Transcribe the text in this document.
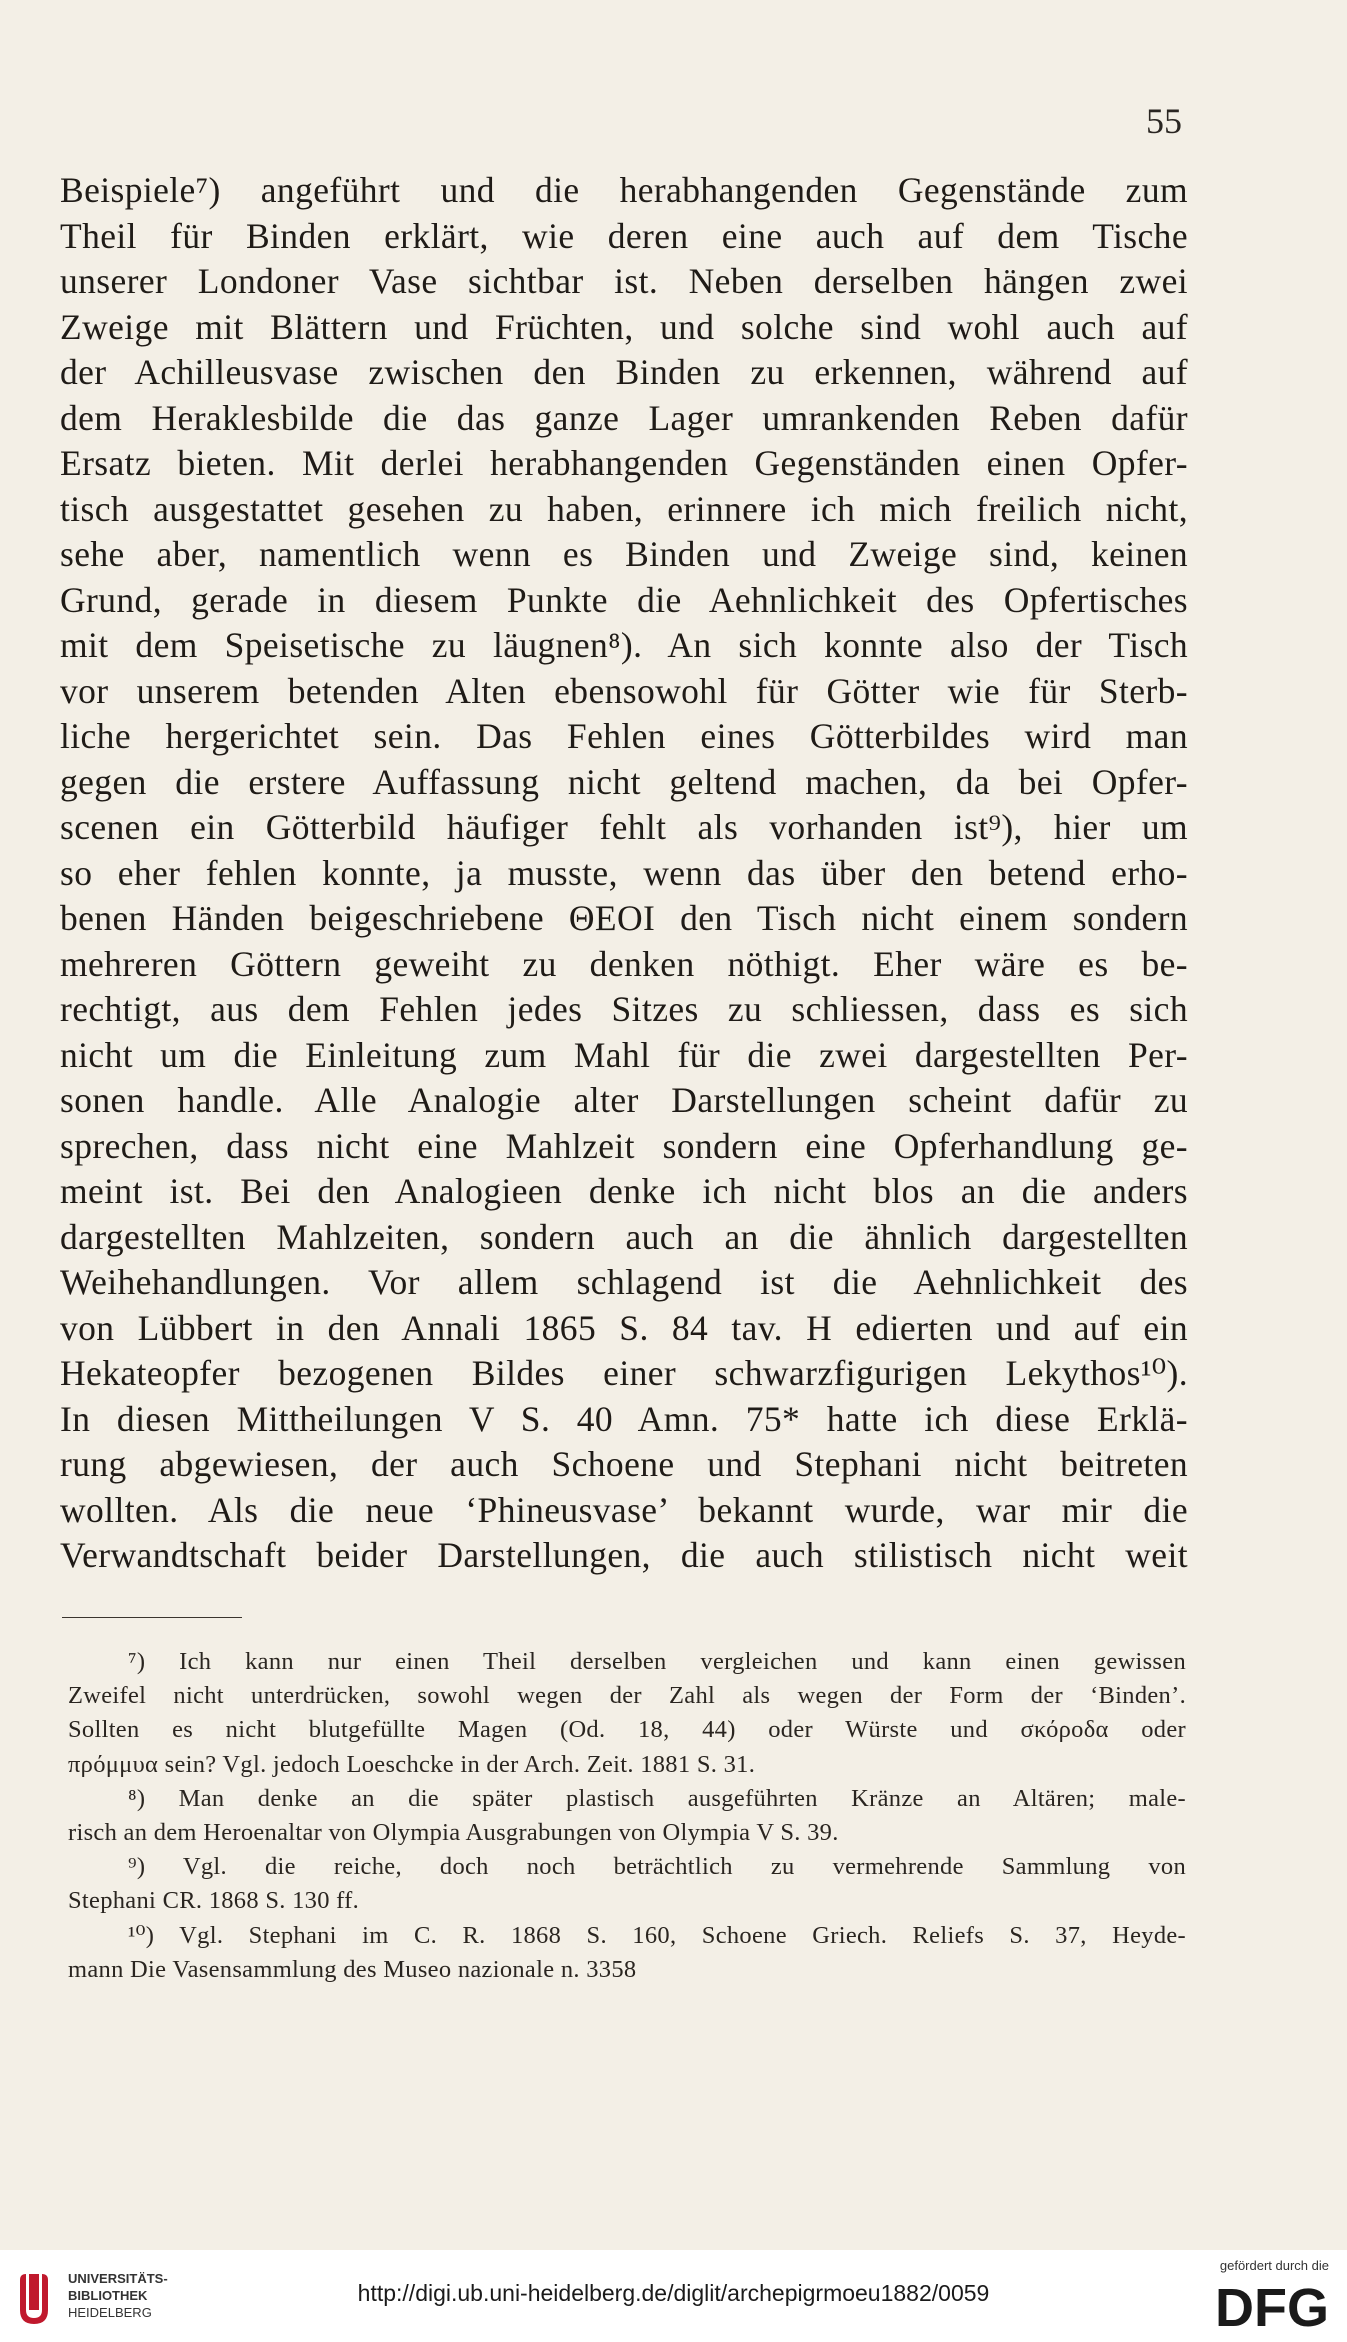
55
Beispiele⁷) angeführt und die herabhangenden Gegenstände zum
Theil für Binden erklärt, wie deren eine auch auf dem Tische
unserer Londoner Vase sichtbar ist. Neben derselben hängen zwei
Zweige mit Blättern und Früchten, und solche sind wohl auch auf
der Achilleusvase zwischen den Binden zu erkennen, während auf
dem Heraklesbilde die das ganze Lager umrankenden Reben dafür
Ersatz bieten. Mit derlei herabhangenden Gegenständen einen Opfer-
tisch ausgestattet gesehen zu haben, erinnere ich mich freilich nicht,
sehe aber, namentlich wenn es Binden und Zweige sind, keinen
Grund, gerade in diesem Punkte die Aehnlichkeit des Opfertisches
mit dem Speisetische zu läugnen⁸). An sich konnte also der Tisch
vor unserem betenden Alten ebensowohl für Götter wie für Sterb-
liche hergerichtet sein. Das Fehlen eines Götterbildes wird man
gegen die erstere Auffassung nicht geltend machen, da bei Opfer-
scenen ein Götterbild häufiger fehlt als vorhanden ist⁹), hier um
so eher fehlen konnte, ja musste, wenn das über den betend erho-
benen Händen beigeschriebene ΘΕΟΙ den Tisch nicht einem sondern
mehreren Göttern geweiht zu denken nöthigt. Eher wäre es be-
rechtigt, aus dem Fehlen jedes Sitzes zu schliessen, dass es sich
nicht um die Einleitung zum Mahl für die zwei dargestellten Per-
sonen handle. Alle Analogie alter Darstellungen scheint dafür zu
sprechen, dass nicht eine Mahlzeit sondern eine Opferhandlung ge-
meint ist. Bei den Analogieen denke ich nicht blos an die anders
dargestellten Mahlzeiten, sondern auch an die ähnlich dargestellten
Weihehandlungen. Vor allem schlagend ist die Aehnlichkeit des
von Lübbert in den Annali 1865 S. 84 tav. H edierten und auf ein
Hekateopfer bezogenen Bildes einer schwarzfigurigen Lekythos¹⁰).
In diesen Mittheilungen V S. 40 Amn. 75* hatte ich diese Erklä-
rung abgewiesen, der auch Schoene und Stephani nicht beitreten
wollten. Als die neue ‘Phineusvase’ bekannt wurde, war mir die
Verwandtschaft beider Darstellungen, die auch stilistisch nicht weit
⁷) Ich kann nur einen Theil derselben vergleichen und kann einen gewissen
Zweifel nicht unterdrücken, sowohl wegen der Zahl als wegen der Form der ‘Binden’.
Sollten es nicht blutgefüllte Magen (Od. 18, 44) oder Würste und σκόροδα oder
πρόμμυα sein? Vgl. jedoch Loeschcke in der Arch. Zeit. 1881 S. 31.
⁸) Man denke an die später plastisch ausgeführten Kränze an Altären; male-
risch an dem Heroenaltar von Olympia Ausgrabungen von Olympia V S. 39.
⁹) Vgl. die reiche, doch noch beträchtlich zu vermehrende Sammlung von
Stephani CR. 1868 S. 130 ff.
¹⁰) Vgl. Stephani im C. R. 1868 S. 160, Schoene Griech. Reliefs S. 37, Heyde-
mann Die Vasensammlung des Museo nazionale n. 3358
UNIVERSITÄTS-
BIBLIOTHEK
HEIDELBERG
http://digi.ub.uni-heidelberg.de/diglit/archepigrmoeu1882/0059
gefördert durch die
DFG
